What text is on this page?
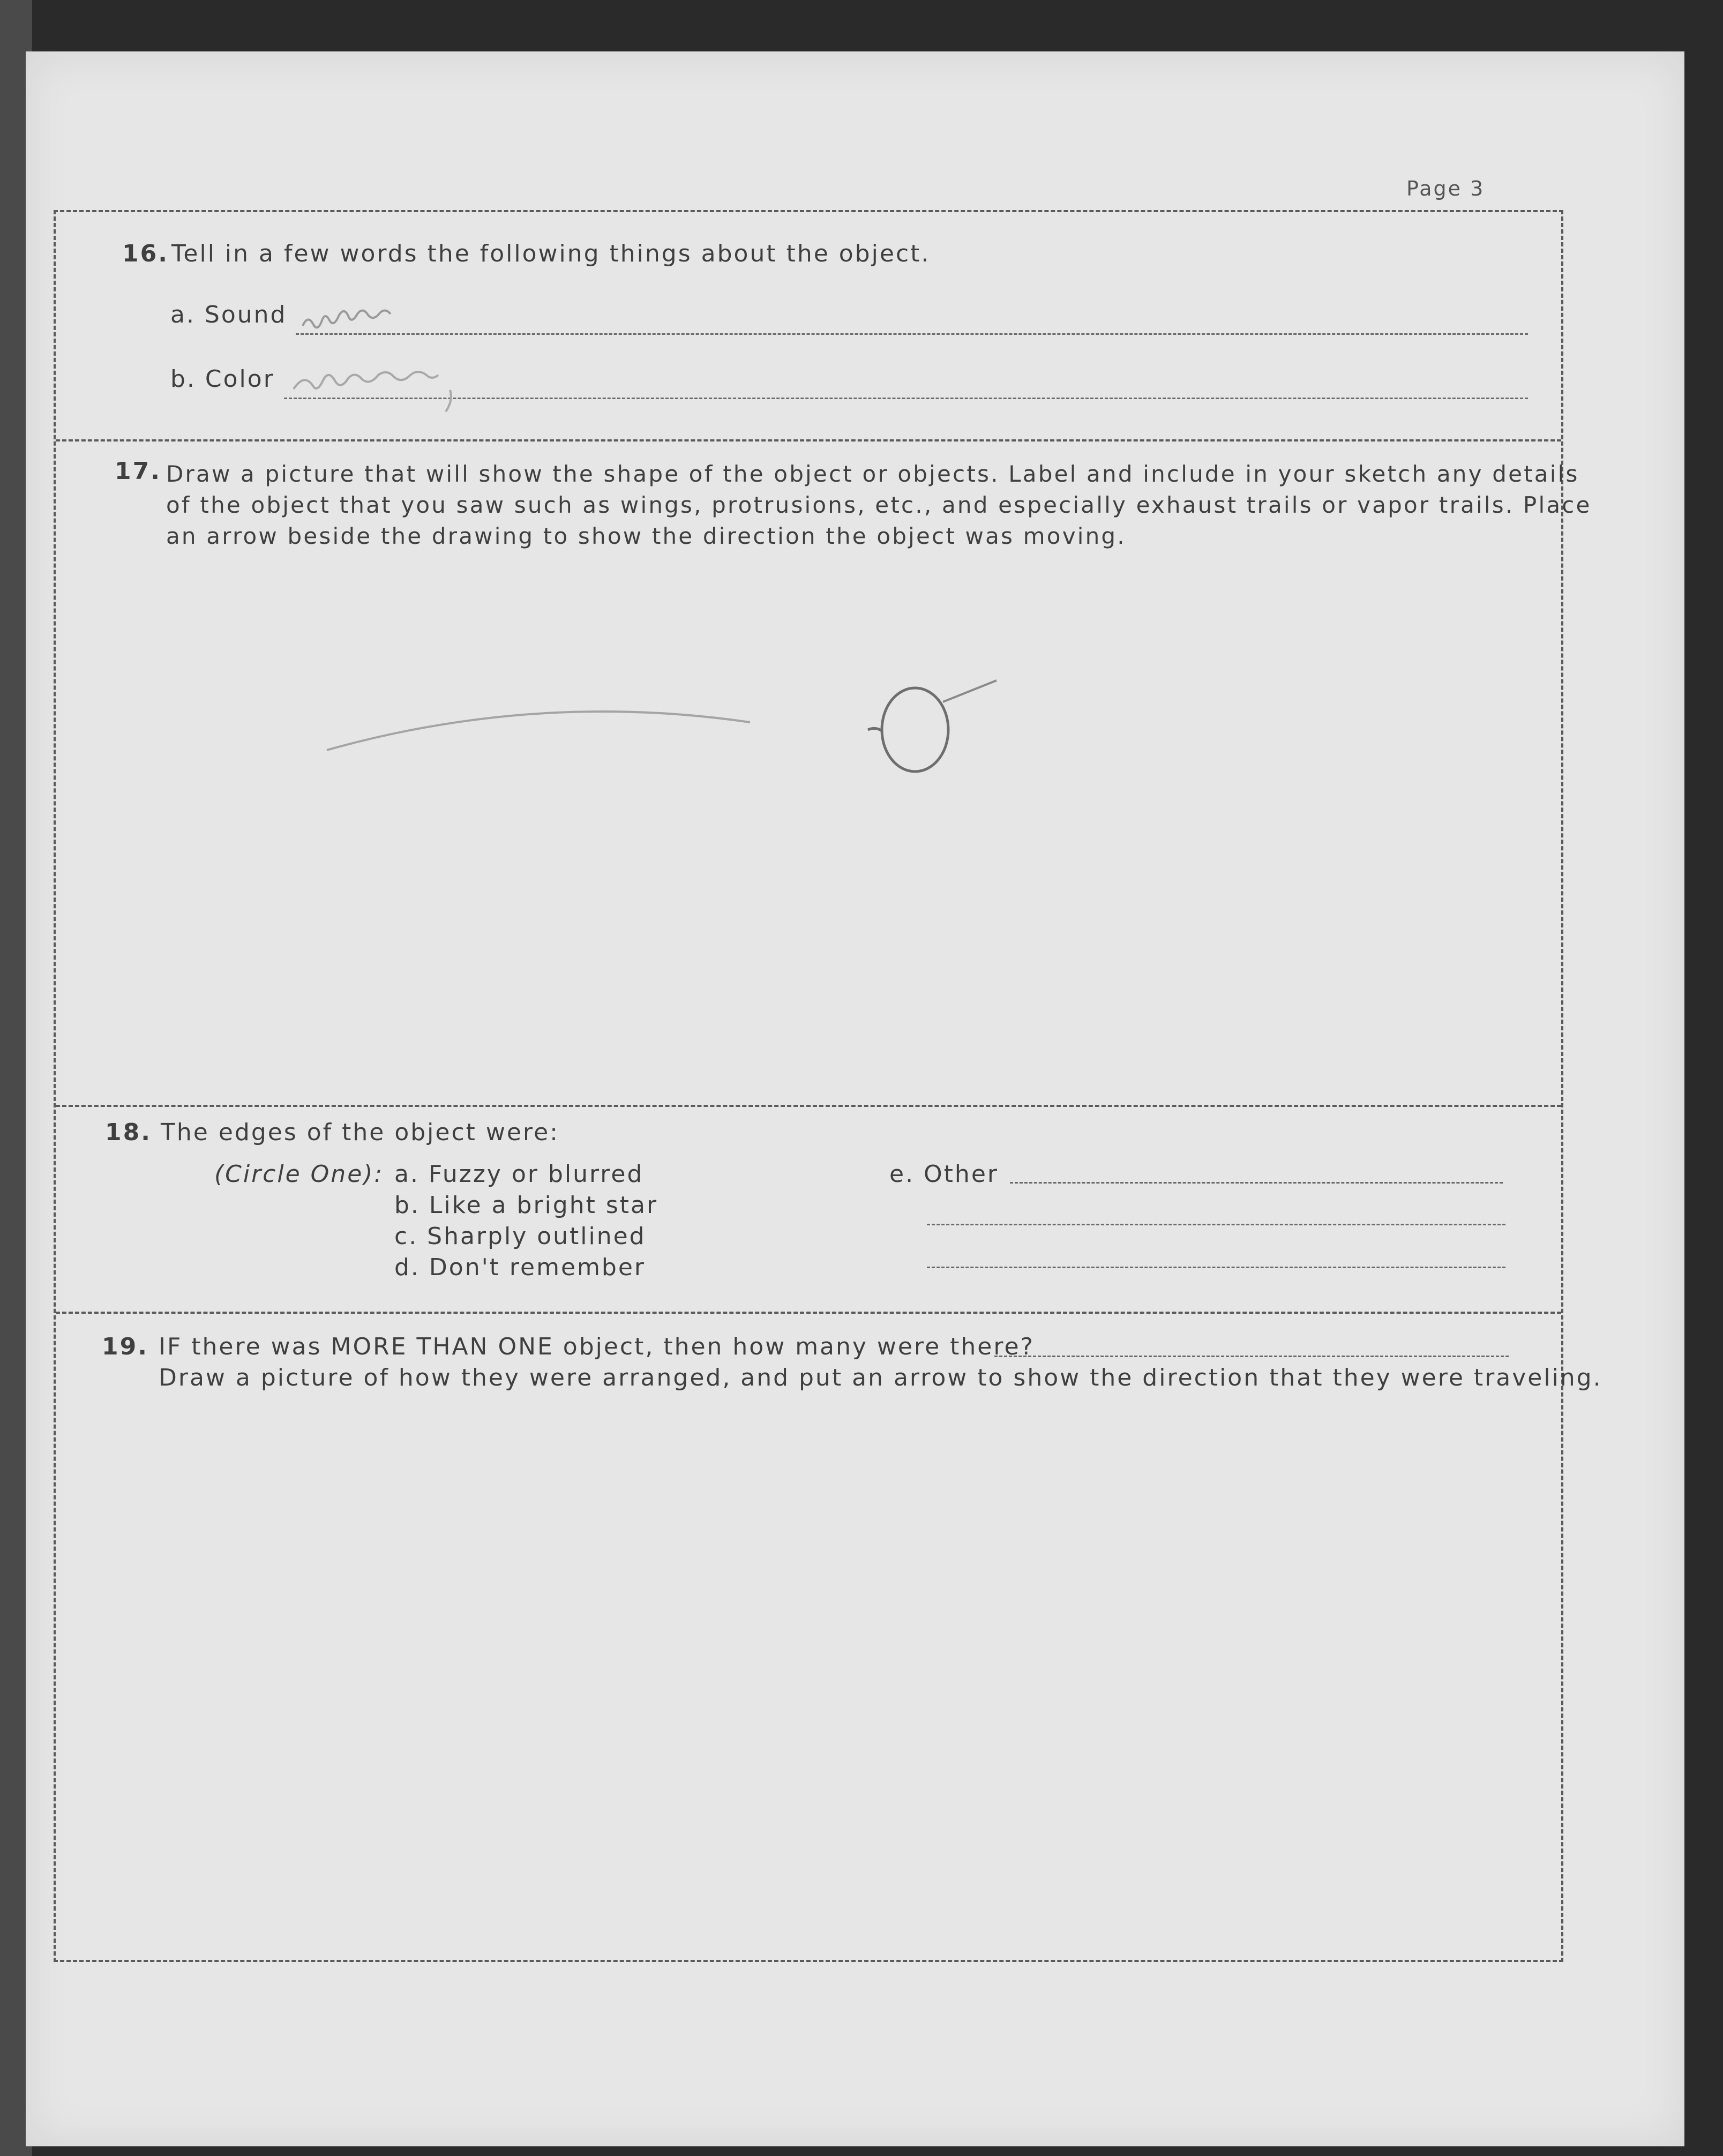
Page 3
16. Tell in a few words the following things about the object.
a. Sound
b. Color
17. Draw a picture that will show the shape of the object or objects. Label and include in your sketch any details
of the object that you saw such as wings, protrusions, etc., and especially exhaust trails or vapor trails. Place
an arrow beside the drawing to show the direction the object was moving.
18. The edges of the object were:
(Circle One): a. Fuzzy or blurred
b. Like a bright star
c. Sharply outlined
d. Don't remember
e. Other
19. IF there was MORE THAN ONE object, then how many were there?
Draw a picture of how they were arranged, and put an arrow to show the direction that they were traveling.
